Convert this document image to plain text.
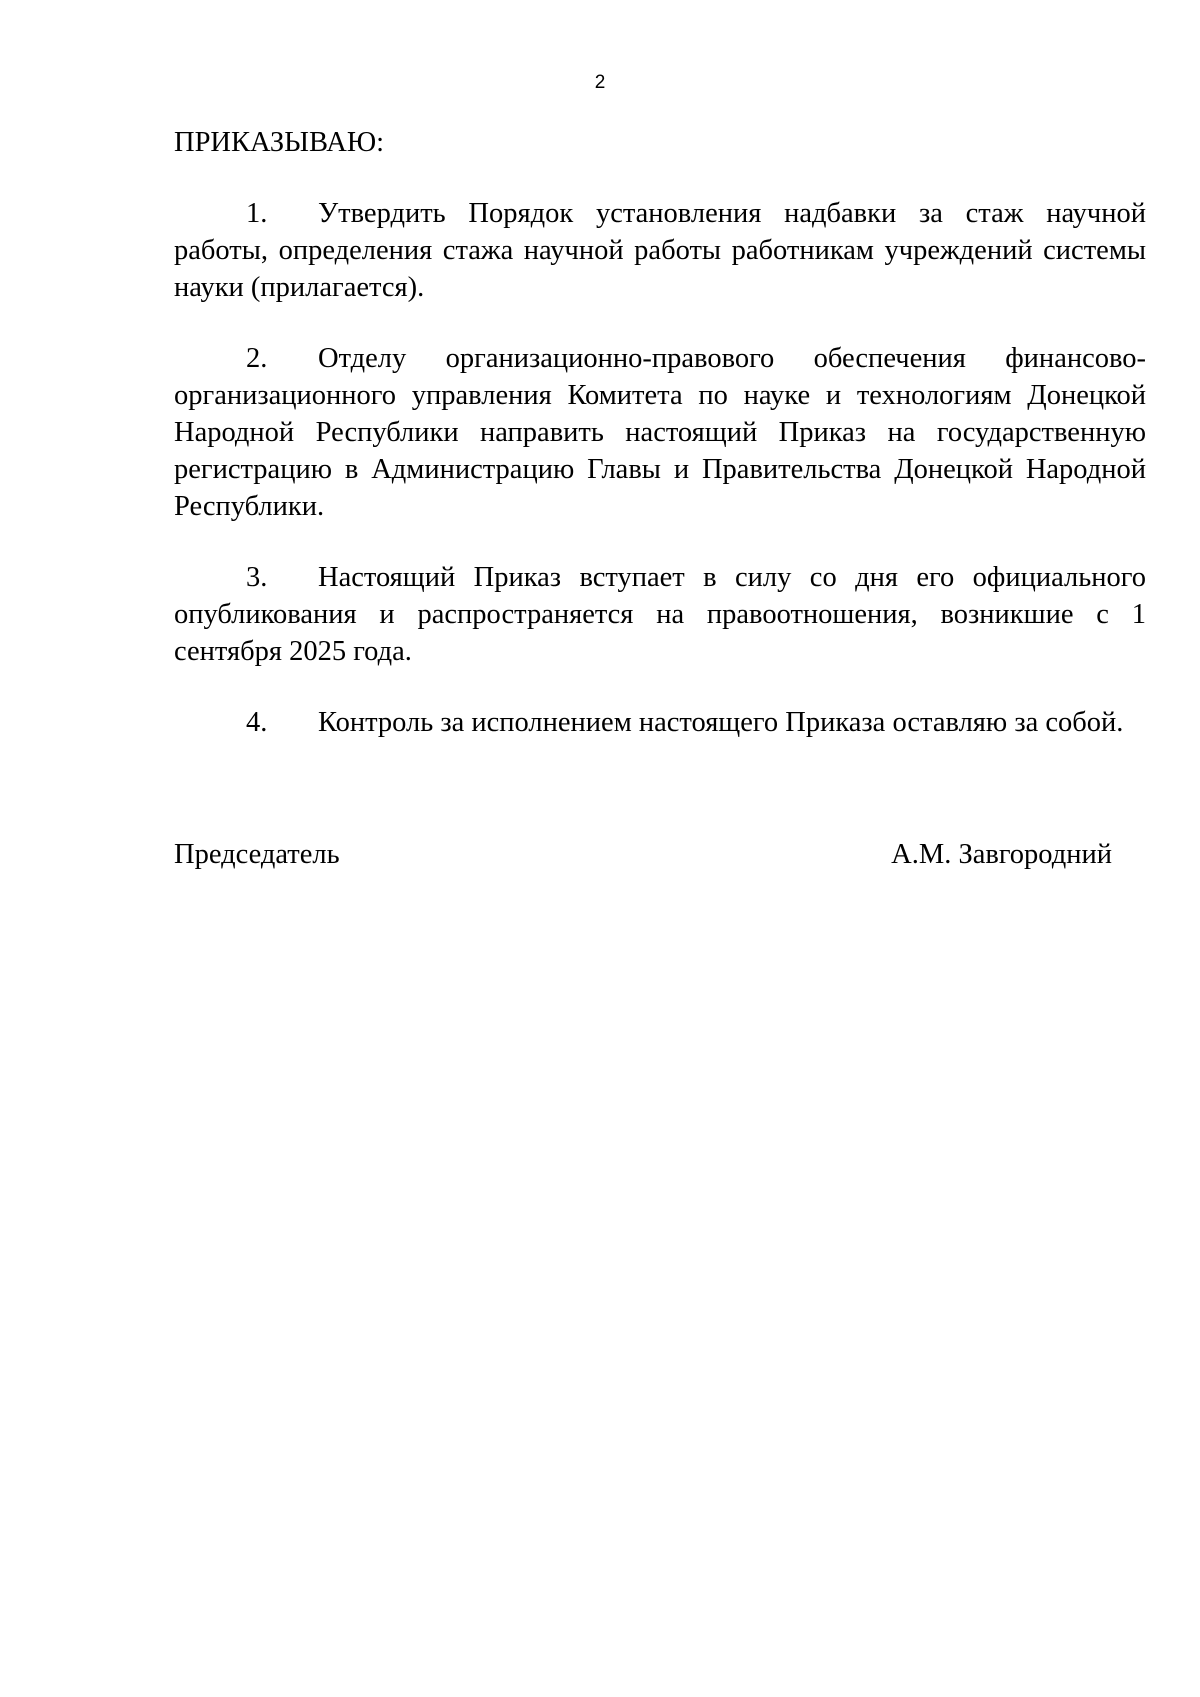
2

ПРИКАЗЫВАЮ:

1. Утвердить Порядок установления надбавки за стаж научной работы, определения стажа научной работы работникам учреждений системы науки (прилагается).

2. Отделу организационно-правового обеспечения финансово-организационного управления Комитета по науке и технологиям Донецкой Народной Республики направить настоящий Приказ на государственную регистрацию в Администрацию Главы и Правительства Донецкой Народной Республики.

3. Настоящий Приказ вступает в силу со дня его официального опубликования и распространяется на правоотношения, возникшие с 1 сентября 2025 года.

4. Контроль за исполнением настоящего Приказа оставляю за собой.

Председатель	А.М. Завгородний
